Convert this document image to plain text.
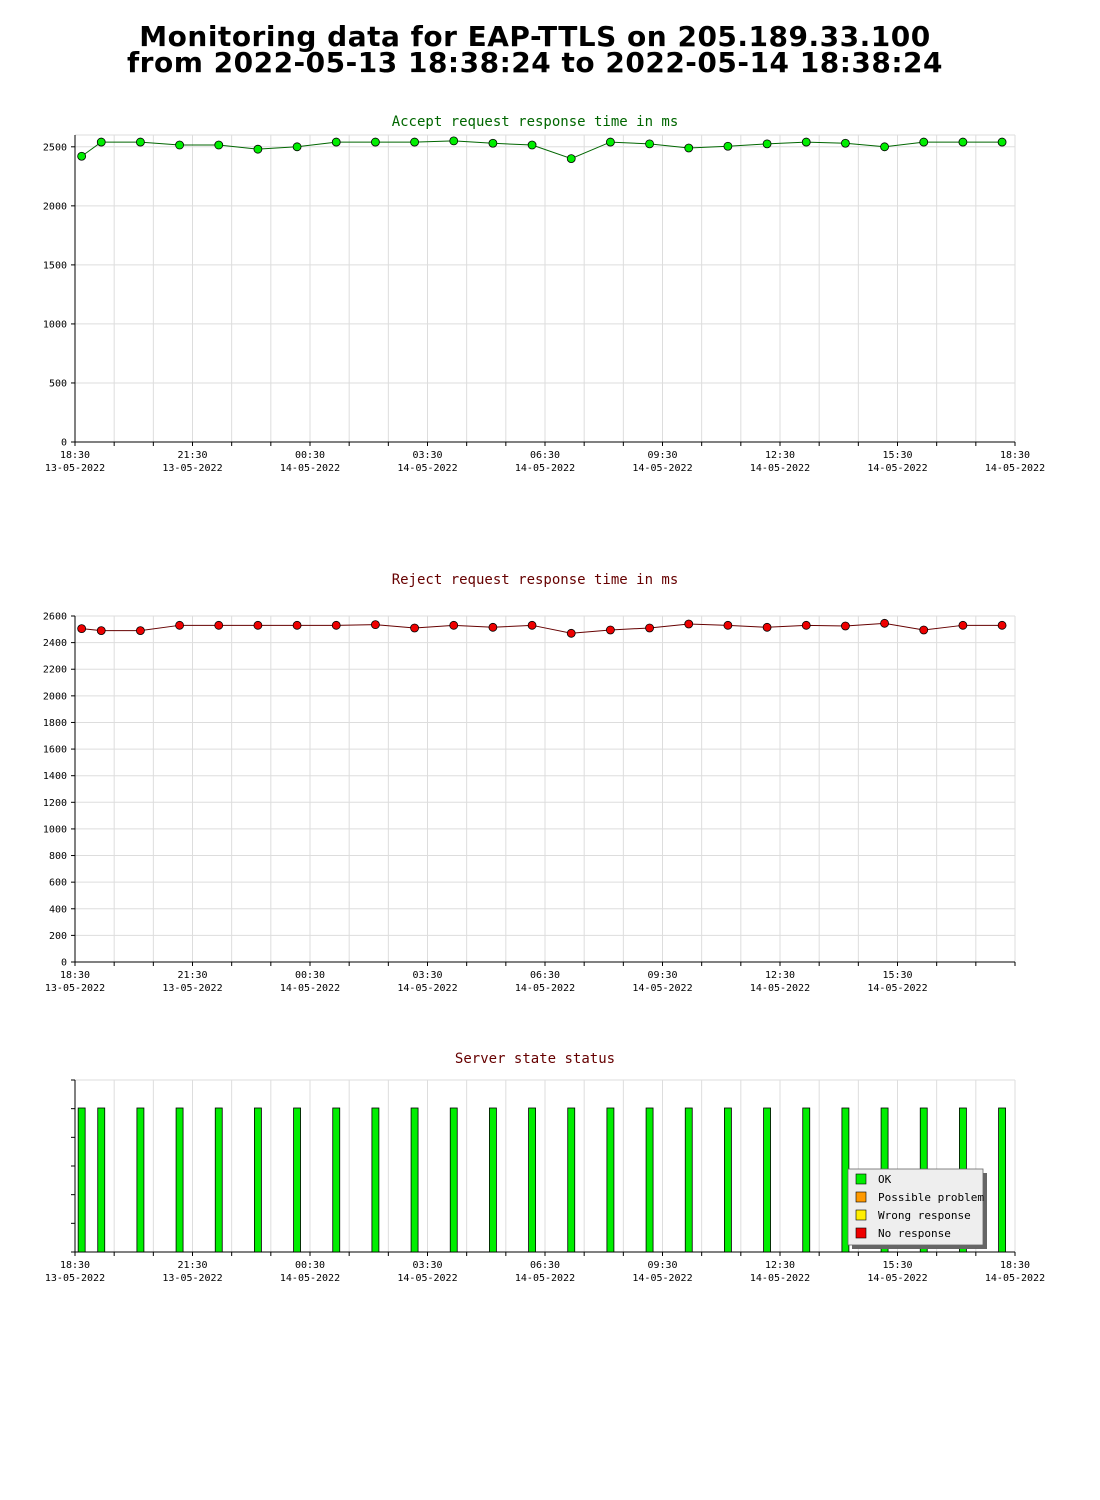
Monitoring data for EAP-TTLS on 205.189.33.100
from 2022-05-13 18:38:24 to 2022-05-14 18:38:24
Accept request response time in ms
0
500
1000
1500
2000
2500
18:30
13-05-2022
21:30
13-05-2022
00:30
14-05-2022
03:30
14-05-2022
06:30
14-05-2022
09:30
14-05-2022
12:30
14-05-2022
15:30
14-05-2022
18:30
14-05-2022
Reject request response time in ms
0
200
400
600
800
1000
1200
1400
1600
1800
2000
2200
2400
2600
18:30
13-05-2022
21:30
13-05-2022
00:30
14-05-2022
03:30
14-05-2022
06:30
14-05-2022
09:30
14-05-2022
12:30
14-05-2022
15:30
14-05-2022
Server state status
18:30
13-05-2022
21:30
13-05-2022
00:30
14-05-2022
03:30
14-05-2022
06:30
14-05-2022
09:30
14-05-2022
12:30
14-05-2022
15:30
14-05-2022
18:30
14-05-2022
OK
Possible problem
Wrong response
No response
